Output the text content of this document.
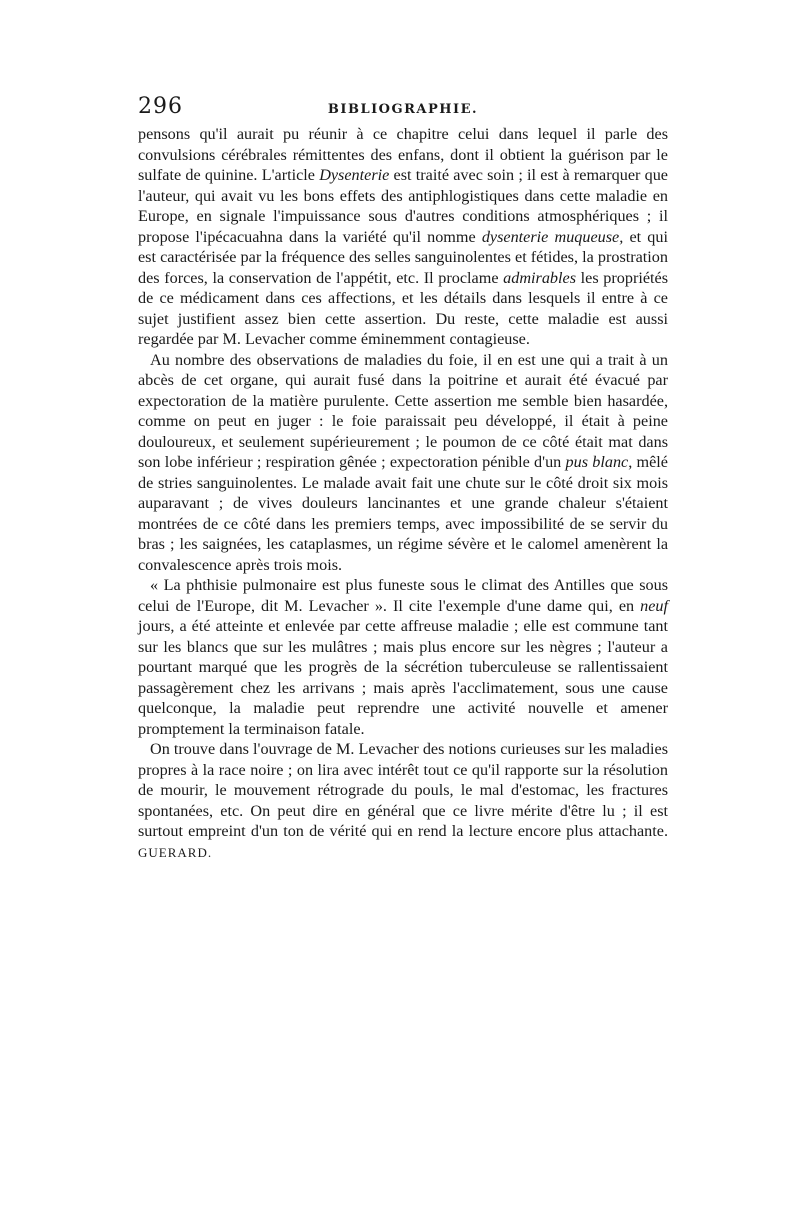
296	BIBLIOGRAPHIE.

pensons qu'il aurait pu réunir à ce chapitre celui dans lequel il parle des convulsions cérébrales rémittentes des enfans, dont il obtient la guérison par le sulfate de quinine. L'article Dysenterie est traité avec soin ; il est à remarquer que l'auteur, qui avait vu les bons effets des antiphlogistiques dans cette maladie en Europe, en signale l'impuissance sous d'autres conditions atmosphériques ; il propose l'ipécacuahna dans la variété qu'il nomme dysenterie muqueuse, et qui est caractérisée par la fréquence des selles sanguinolentes et fétides, la prostration des forces, la conservation de l'appétit, etc. Il proclame admirables les propriétés de ce médicament dans ces affections, et les détails dans lesquels il entre à ce sujet justifient assez bien cette assertion. Du reste, cette maladie est aussi regardée par M. Levacher comme éminemment contagieuse.

Au nombre des observations de maladies du foie, il en est une qui a trait à un abcès de cet organe, qui aurait fusé dans la poitrine et aurait été évacué par expectoration de la matière purulente. Cette assertion me semble bien hasardée, comme on peut en juger : le foie paraissait peu développé, il était à peine douloureux, et seulement supérieurement ; le poumon de ce côté était mat dans son lobe inférieur ; respiration gênée ; expectoration pénible d'un pus blanc, mêlé de stries sanguinolentes. Le malade avait fait une chute sur le côté droit six mois auparavant ; de vives douleurs lancinantes et une grande chaleur s'étaient montrées de ce côté dans les premiers temps, avec impossibilité de se servir du bras ; les saignées, les cataplasmes, un régime sévère et le calomel amenèrent la convalescence après trois mois.

« La phthisie pulmonaire est plus funeste sous le climat des Antilles que sous celui de l'Europe, dit M. Levacher ». Il cite l'exemple d'une dame qui, en neuf jours, a été atteinte et enlevée par cette affreuse maladie ; elle est commune tant sur les blancs que sur les mulâtres ; mais plus encore sur les nègres ; l'auteur a pourtant marqué que les progrès de la sécrétion tuberculeuse se rallentissaient passagèrement chez les arrivans ; mais après l'acclimatement, sous une cause quelconque, la maladie peut reprendre une activité nouvelle et amener promptement la terminaison fatale.

On trouve dans l'ouvrage de M. Levacher des notions curieuses sur les maladies propres à la race noire ; on lira avec intérêt tout ce qu'il rapporte sur la résolution de mourir, le mouvement rétrograde du pouls, le mal d'estomac, les fractures spontanées, etc. On peut dire en général que ce livre mérite d'être lu ; il est surtout empreint d'un ton de vérité qui en rend la lecture encore plus attachante. GUERARD.
